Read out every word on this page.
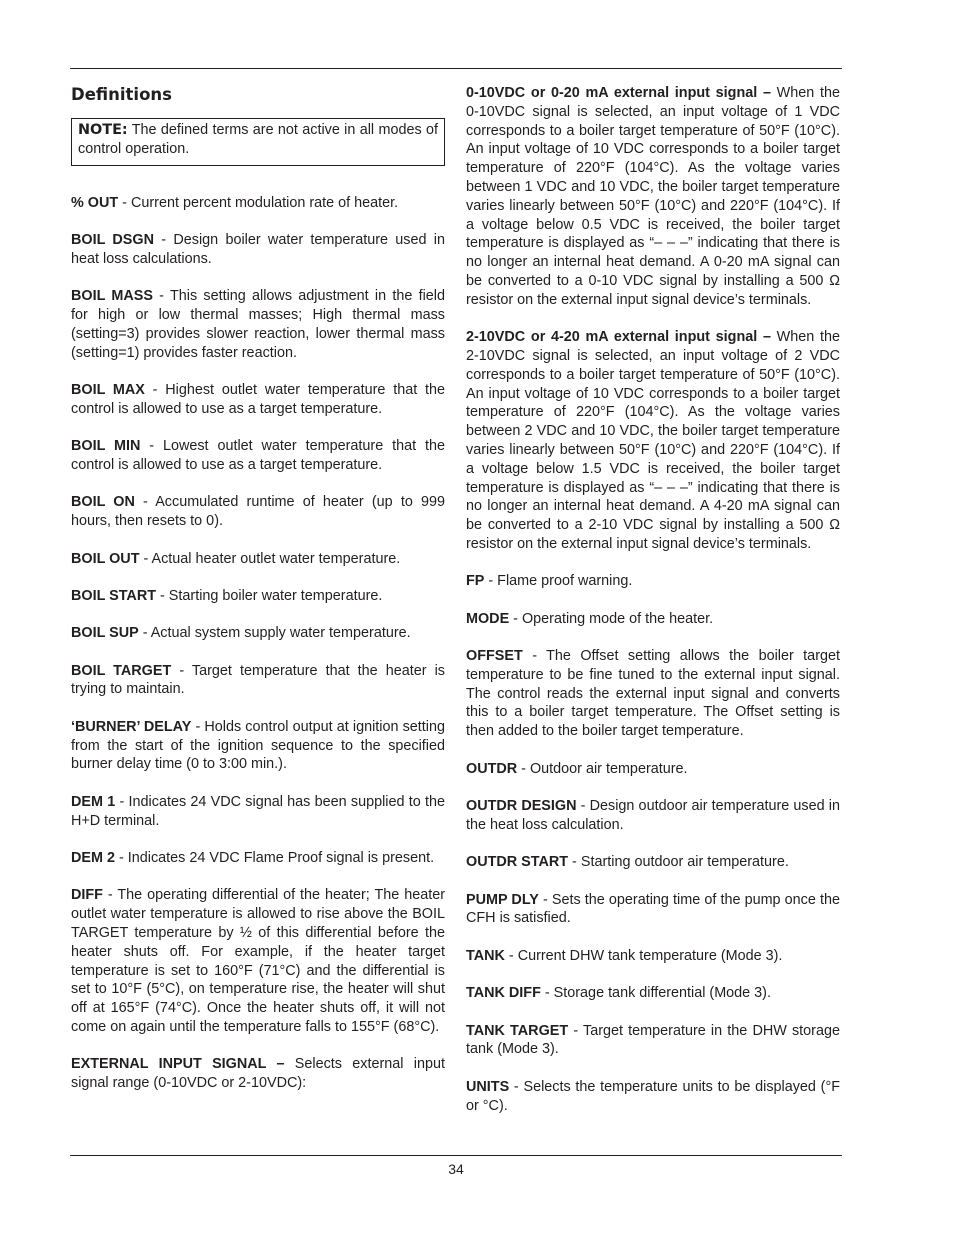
Definitions
NOTE: The defined terms are not active in all modes of control operation.
% OUT - Current percent modulation rate of heater.
BOIL DSGN - Design boiler water temperature used in heat loss calculations.
BOIL MASS - This setting allows adjustment in the field for high or low thermal masses; High thermal mass (setting=3) provides slower reaction, lower thermal mass (setting=1) provides faster reaction.
BOIL MAX - Highest outlet water temperature that the control is allowed to use as a target temperature.
BOIL MIN - Lowest outlet water temperature that the control is allowed to use as a target temperature.
BOIL ON - Accumulated runtime of heater (up to 999 hours, then resets to 0).
BOIL OUT - Actual heater outlet water temperature.
BOIL START - Starting boiler water temperature.
BOIL SUP - Actual system supply water temperature.
BOIL TARGET - Target temperature that the heater is trying to maintain.
‘BURNER’ DELAY - Holds control output at ignition setting from the start of the ignition sequence to the specified burner delay time (0 to 3:00 min.).
DEM 1 - Indicates 24 VDC signal has been supplied to the H+D terminal.
DEM 2 - Indicates 24 VDC Flame Proof signal is present.
DIFF - The operating differential of the heater; The heater outlet water temperature is allowed to rise above the BOIL TARGET temperature by ½ of this differential before the heater shuts off. For example, if the heater target temperature is set to 160°F (71°C) and the differential is set to 10°F (5°C), on temperature rise, the heater will shut off at 165°F (74°C). Once the heater shuts off, it will not come on again until the temperature falls to 155°F (68°C).
EXTERNAL INPUT SIGNAL – Selects external input signal range (0-10VDC or 2-10VDC):
0-10VDC or 0-20 mA external input signal – When the 0-10VDC signal is selected, an input voltage of 1 VDC corresponds to a boiler target temperature of 50°F (10°C). An input voltage of 10 VDC corresponds to a boiler target temperature of 220°F (104°C). As the voltage varies between 1 VDC and 10 VDC, the boiler target temperature varies linearly between 50°F (10°C) and 220°F (104°C). If a voltage below 0.5 VDC is received, the boiler target temperature is displayed as “– – –” indicating that there is no longer an internal heat demand. A 0-20 mA signal can be converted to a 0-10 VDC signal by installing a 500 Ω resistor on the external input signal device’s terminals.
2-10VDC or 4-20 mA external input signal – When the 2-10VDC signal is selected, an input voltage of 2 VDC corresponds to a boiler target temperature of 50°F (10°C). An input voltage of 10 VDC corresponds to a boiler target temperature of 220°F (104°C). As the voltage varies between 2 VDC and 10 VDC, the boiler target temperature varies linearly between 50°F (10°C) and 220°F (104°C). If a voltage below 1.5 VDC is received, the boiler target temperature is displayed as “– – –” indicating that there is no longer an internal heat demand. A 4-20 mA signal can be converted to a 2-10 VDC signal by installing a 500 Ω resistor on the external input signal device’s terminals.
FP - Flame proof warning.
MODE - Operating mode of the heater.
OFFSET - The Offset setting allows the boiler target temperature to be fine tuned to the external input signal. The control reads the external input signal and converts this to a boiler target temperature. The Offset setting is then added to the boiler target temperature.
OUTDR - Outdoor air temperature.
OUTDR DESIGN - Design outdoor air temperature used in the heat loss calculation.
OUTDR START - Starting outdoor air temperature.
PUMP DLY - Sets the operating time of the pump once the CFH is satisfied.
TANK - Current DHW tank temperature (Mode 3).
TANK DIFF - Storage tank differential (Mode 3).
TANK TARGET - Target temperature in the DHW storage tank (Mode 3).
UNITS - Selects the temperature units to be displayed (°F or °C).
34
